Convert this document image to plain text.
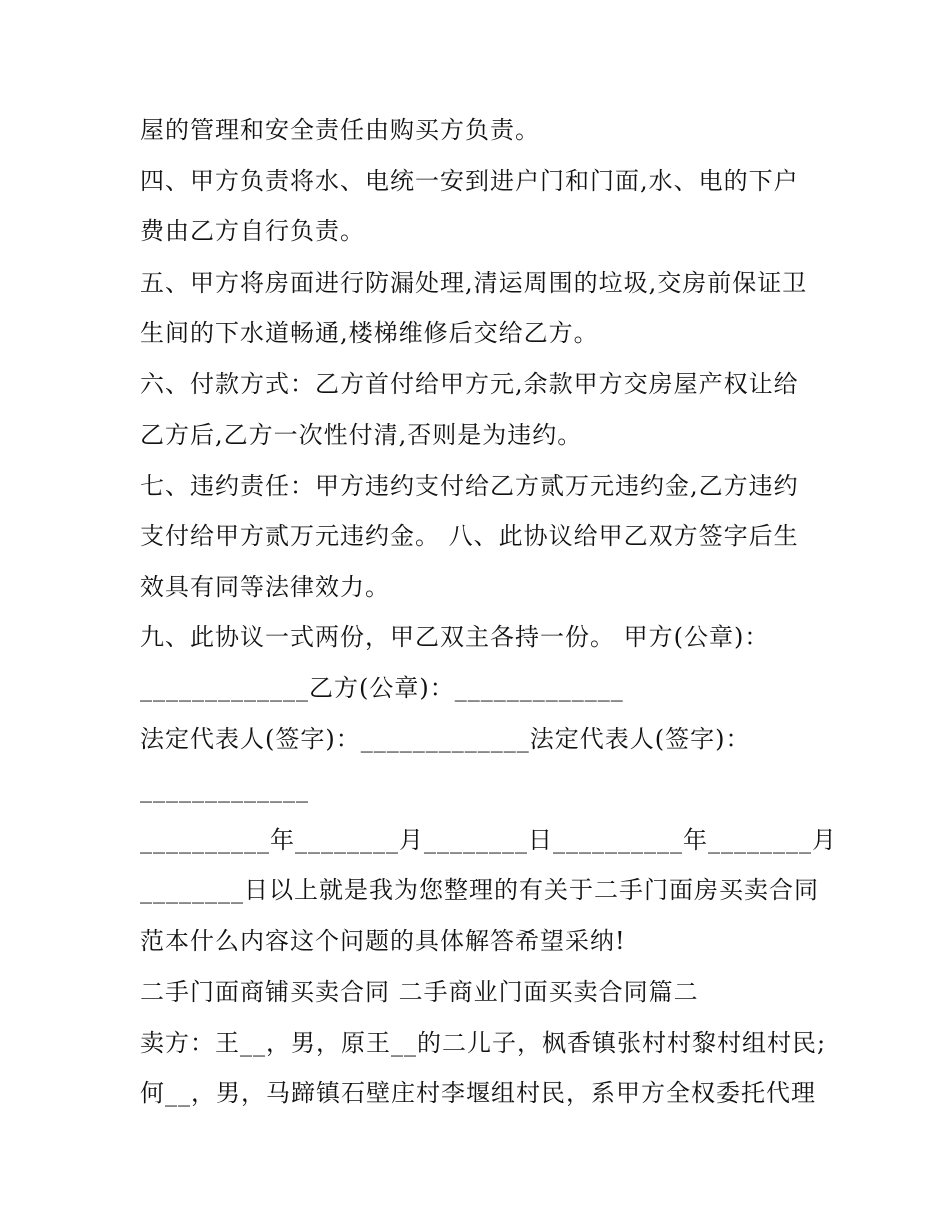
屋的管理和安全责任由购买方负责。
四、甲方负责将水、电统一安到进户门和门面,水、电的下户
费由乙方自行负责。
五、甲方将房面进行防漏处理,清运周围的垃圾,交房前保证卫
生间的下水道畅通,楼梯维修后交给乙方。
六、付款方式：乙方首付给甲方元,余款甲方交房屋产权让给
乙方后,乙方一次性付清,否则是为违约。
七、违约责任：甲方违约支付给乙方贰万元违约金,乙方违约
支付给甲方贰万元违约金。 八、此协议给甲乙双方签字后生
效具有同等法律效力。
九、此协议一式两份，甲乙双主各持一份。 甲方(公章)：
_____________乙方(公章)：_____________
法定代表人(签字)：_____________法定代表人(签字)：
_____________
__________年________月________日__________年________月
________日以上就是我为您整理的有关于二手门面房买卖合同
范本什么内容这个问题的具体解答希望采纳!
二手门面商铺买卖合同 二手商业门面买卖合同篇二
卖方：王__，男，原王__的二儿子，枫香镇张村村黎村组村民;
何__，男，马蹄镇石壁庄村李堰组村民，系甲方全权委托代理
